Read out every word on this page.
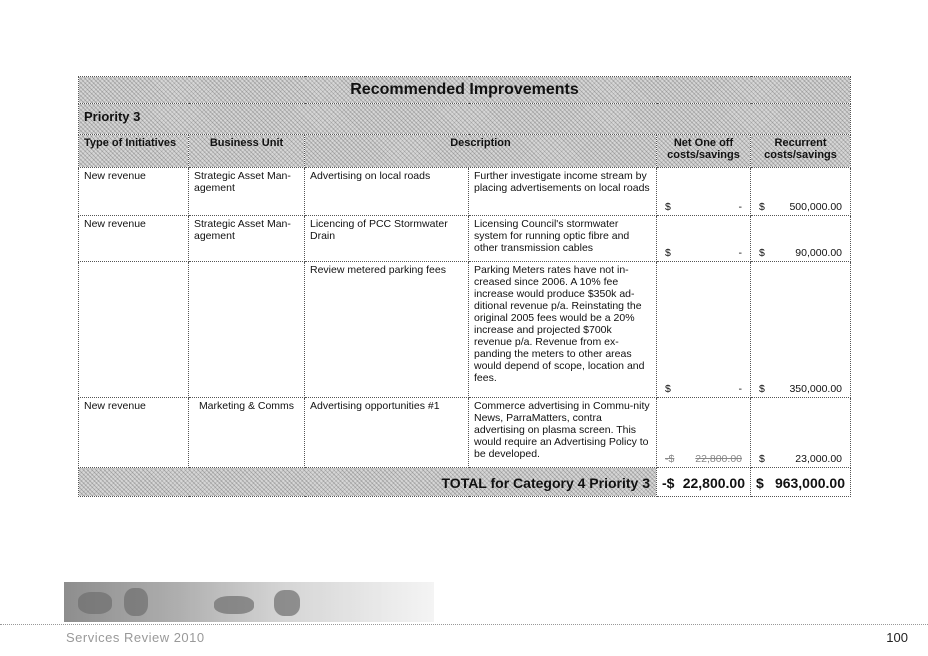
Recommended Improvements					
Priority 3					
Type of Initiatives	Business Unit	Description		Net One off costs/savings	Recurrent costs/savings
New revenue	Strategic Asset Man-agement	Advertising on local roads	Further investigate income stream by placing advertisements on local roads	$ -	$ 500,000.00

New revenue	Strategic Asset Man-agement	Licencing of PCC Stormwater Drain	Licensing Council's stormwater system for running optic fibre and other transmission cables	$ -	$ 90,000.00

		Review metered parking fees	Parking Meters rates have not in-creased since 2006. A 10% fee increase would produce $350k ad-ditional revenue p/a. Reinstating the original 2005 fees would be a 20% increase and projected $700k revenue p/a. Revenue from ex-panding the meters to other areas would depend of scope, location and fees.	$ -	$ 350,000.00

New revenue	Marketing & Comms	Advertising opportunities #1	Commerce advertising in Commu-nity News, ParraMatters, contra advertising on plasma screen. This would require an Advertising Policy to be developed.	-$ 22,800.00	$ 23,000.00

TOTAL for Category 4 Priority 3				-$ 22,800.00	$ 963,000.00
Services Review 2010	100
